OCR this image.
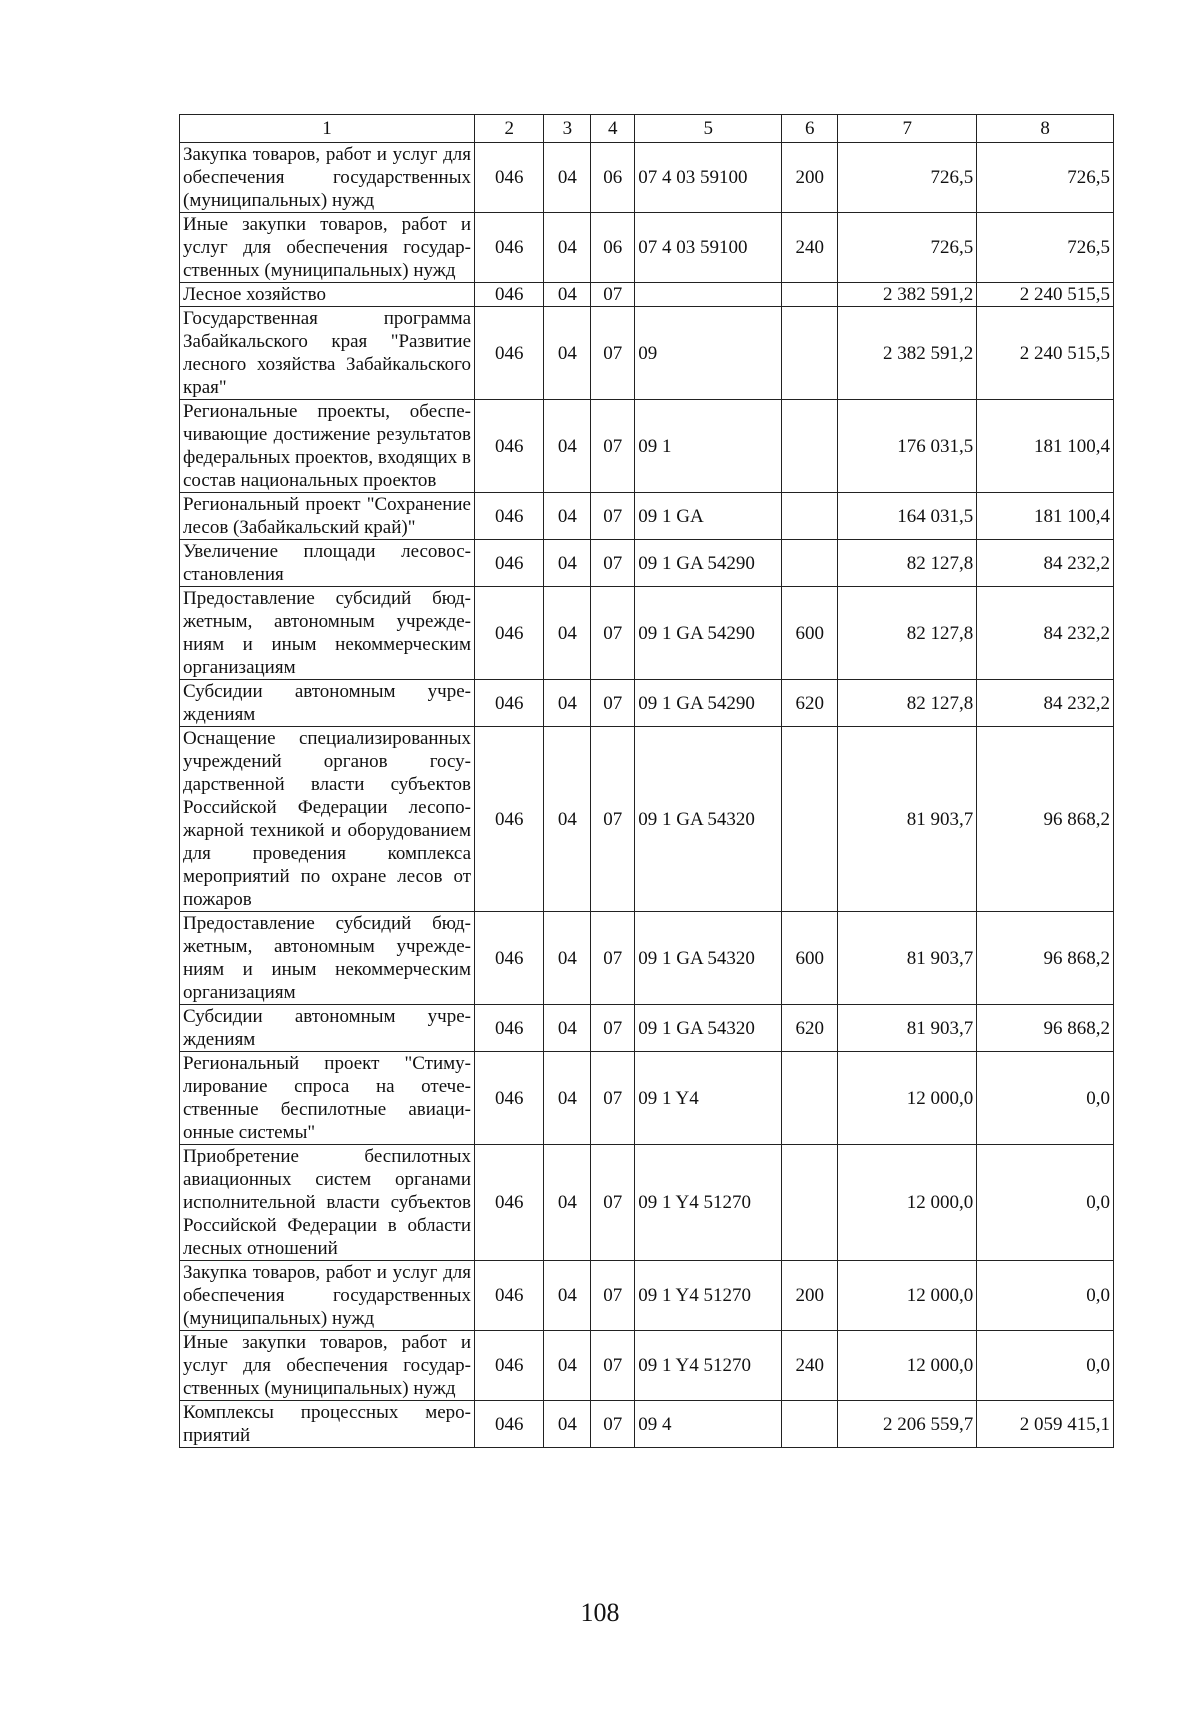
1	2	3	4	5	6	7	8
Закупка товаров, работ и услуг для обеспечения государственных (муниципальных) нужд	046	04	06	07 4 03 59100	200	726,5	726,5
Иные закупки товаров, работ и услуг для обеспечения государственных (муниципальных) нужд	046	04	06	07 4 03 59100	240	726,5	726,5
Лесное хозяйство	046	04	07			2 382 591,2	2 240 515,5
Государственная программа Забайкальского края "Развитие лесного хозяйства Забайкальского края"	046	04	07	09		2 382 591,2	2 240 515,5
Региональные проекты, обеспечивающие достижение результатов федеральных проектов, входящих в состав национальных проектов	046	04	07	09 1		176 031,5	181 100,4
Региональный проект "Сохранение лесов (Забайкальский край)"	046	04	07	09 1 GA		164 031,5	181 100,4
Увеличение площади лесовосстановления	046	04	07	09 1 GA 54290		82 127,8	84 232,2
Предоставление субсидий бюджетным, автономным учреждениям и иным некоммерческим организациям	046	04	07	09 1 GA 54290	600	82 127,8	84 232,2
Субсидии автономным учреждениям	046	04	07	09 1 GA 54290	620	82 127,8	84 232,2
Оснащение специализированных учреждений органов государственной власти субъектов Российской Федерации лесопожарной техникой и оборудованием для проведения комплекса мероприятий по охране лесов от пожаров	046	04	07	09 1 GA 54320		81 903,7	96 868,2
Предоставление субсидий бюджетным, автономным учреждениям и иным некоммерческим организациям	046	04	07	09 1 GA 54320	600	81 903,7	96 868,2
Субсидии автономным учреждениям	046	04	07	09 1 GA 54320	620	81 903,7	96 868,2
Региональный проект "Стимулирование спроса на отечественные беспилотные авиационные системы"	046	04	07	09 1 Y4		12 000,0	0,0
Приобретение беспилотных авиационных систем органами исполнительной власти субъектов Российской Федерации в области лесных отношений	046	04	07	09 1 Y4 51270		12 000,0	0,0
Закупка товаров, работ и услуг для обеспечения государственных (муниципальных) нужд	046	04	07	09 1 Y4 51270	200	12 000,0	0,0
Иные закупки товаров, работ и услуг для обеспечения государственных (муниципальных) нужд	046	04	07	09 1 Y4 51270	240	12 000,0	0,0
Комплексы процессных мероприятий	046	04	07	09 4		2 206 559,7	2 059 415,1
108
